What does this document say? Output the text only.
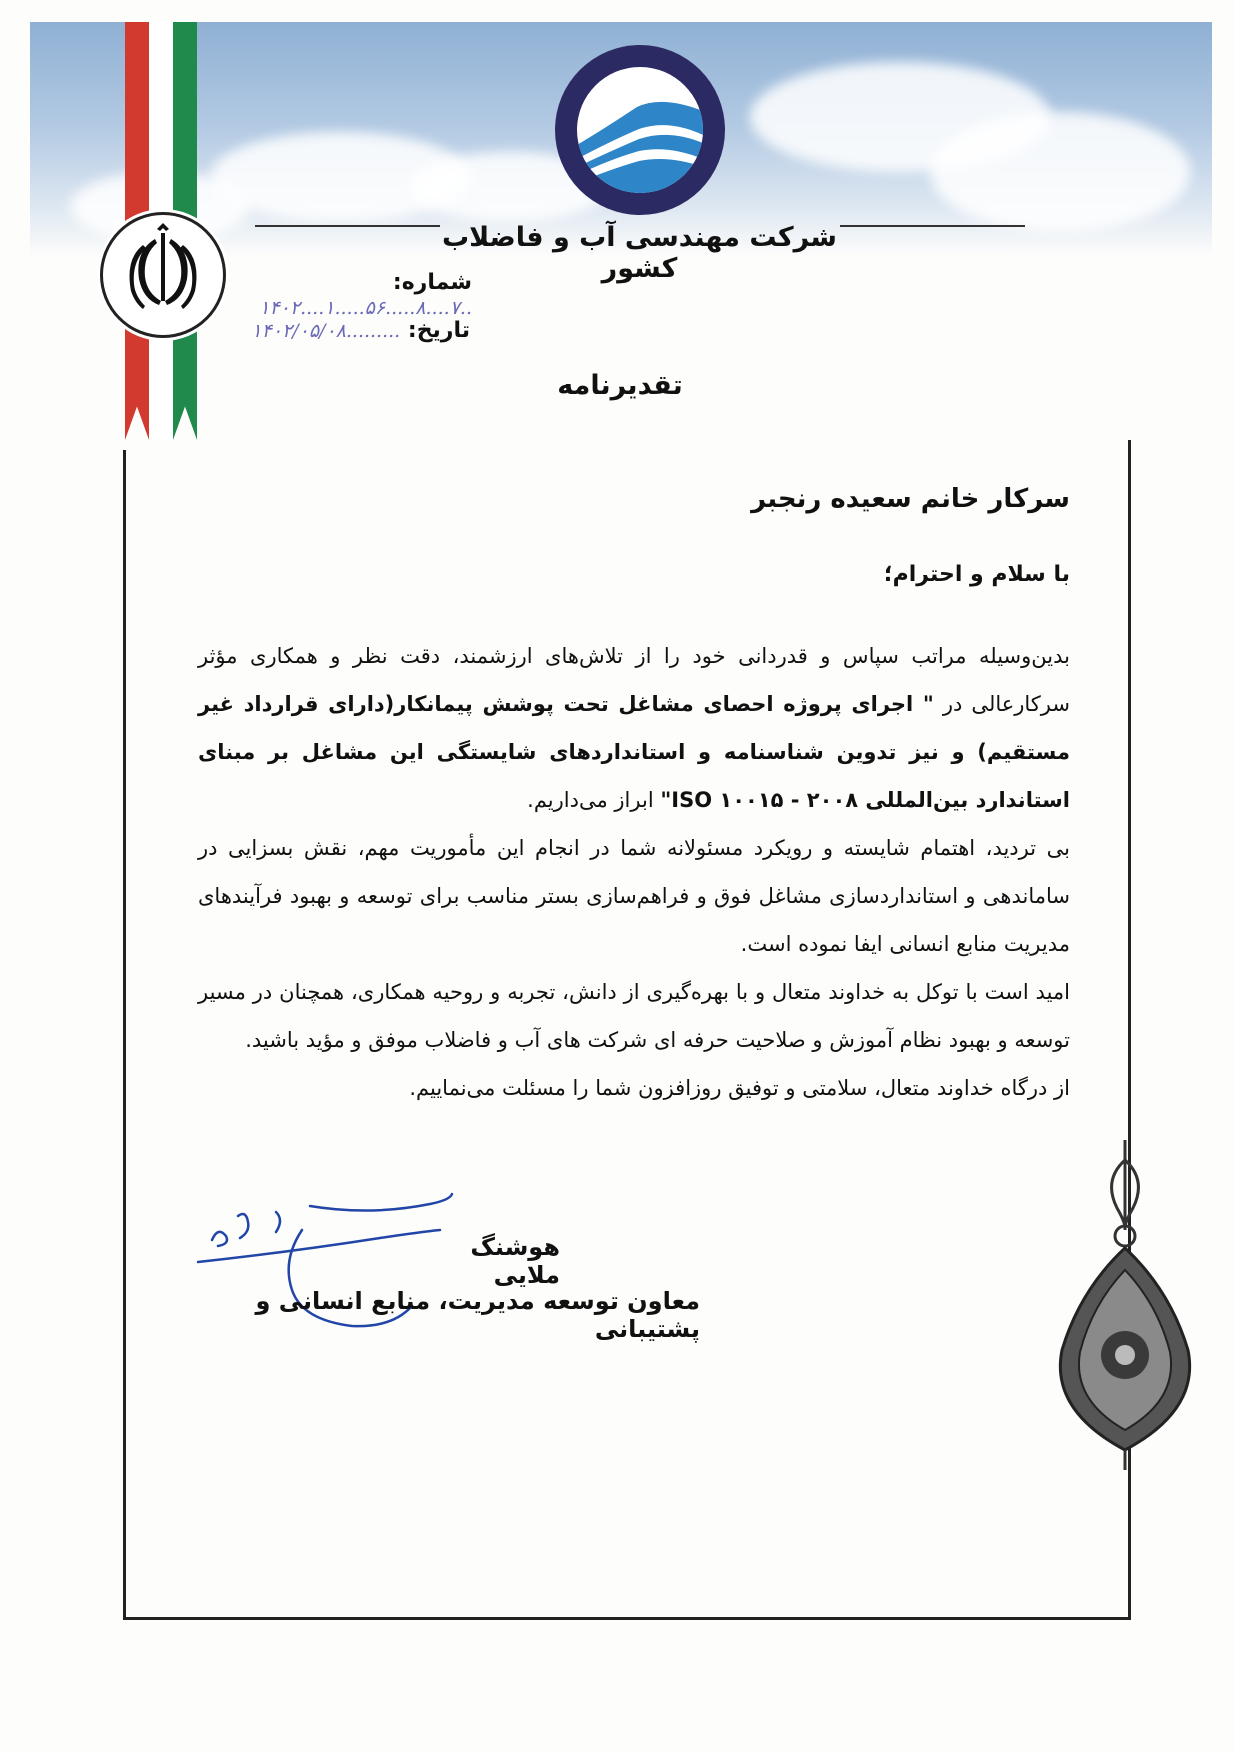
شرکت مهندسی آب و فاضلاب کشور
شماره: ..۷....۸.....۵۶.....۱....۱۴۰۲
تاریخ: .........۱۴۰۲/۰۵/۰۸
تقدیرنامه
سرکار خانم سعیده رنجبر
با سلام و احترام؛

بدین‌وسیله مراتب سپاس و قدردانی خود را از تلاش‌های ارزشمند، دقت نظر و همکاری مؤثر سرکارعالی در " اجرای پروژه احصای مشاغل تحت پوشش پیمانکار(دارای قرارداد غیر مستقیم) و نیز تدوین شناسنامه و استانداردهای شایستگی این مشاغل بر مبنای استاندارد بین‌المللی ISO ۱۰۰۱۵ - ۲۰۰۸" ابراز می‌داریم.

بی تردید، اهتمام شایسته و رویکرد مسئولانه شما در انجام این مأموریت مهم، نقش بسزایی در ساماندهی و استانداردسازی مشاغل فوق و فراهم‌سازی بستر مناسب برای توسعه و بهبود فرآیندهای مدیریت منابع انسانی ایفا نموده است.

امید است با توکل به خداوند متعال و با بهره‌گیری از دانش، تجربه و روحیه همکاری، همچنان در مسیر توسعه و بهبود نظام آموزش و صلاحیت حرفه ای شرکت های آب و فاضلاب موفق و مؤید باشید.

از درگاه خداوند متعال، سلامتی و توفیق روزافزون شما را مسئلت می‌نماییم.

هوشنگ ملایی
معاون توسعه مدیریت، منابع انسانی و پشتیبانی
